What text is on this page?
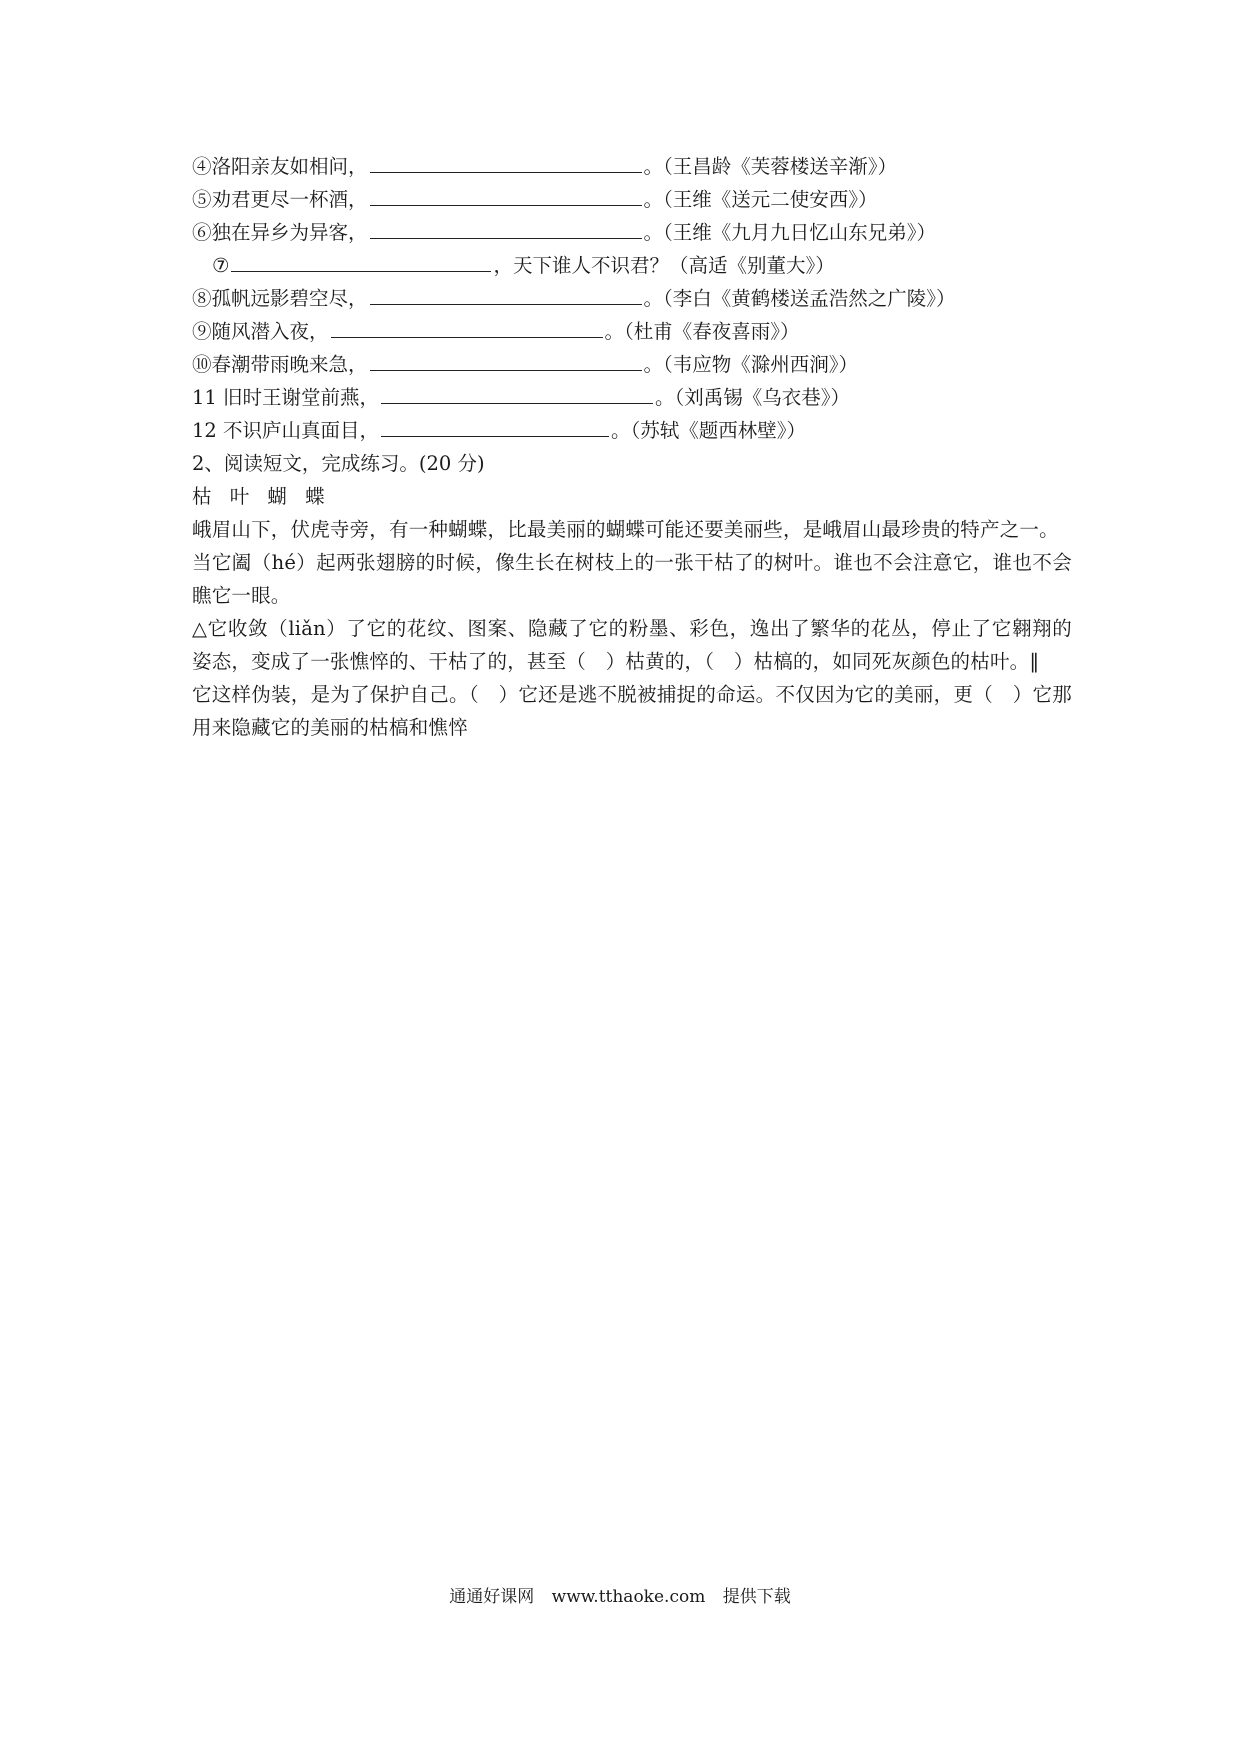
④洛阳亲友如相问，	。（王昌龄《芙蓉楼送辛渐》）
⑤劝君更尽一杯酒，	。（王维《送元二使安西》）
⑥独在异乡为异客，	。（王维《九月九日忆山东兄弟》）
⑦	，天下谁人不识君？（高适《别董大》）
⑧孤帆远影碧空尽，	。（李白《黄鹤楼送孟浩然之广陵》）
⑨随风潜入夜，	。（杜甫《春夜喜雨》）
⑩春潮带雨晚来急，	。（韦应物《滁州西涧》）
11 旧时王谢堂前燕，	。（刘禹锡《乌衣巷》）
12 不识庐山真面目，	。（苏轼《题西林壁》）
2、阅读短文，完成练习。(20 分)
枯 叶 蝴 蝶
峨眉山下，伏虎寺旁，有一种蝴蝶，比最美丽的蝴蝶可能还要美丽些，是峨眉山最珍贵的特产之一。
当它阖（hé）起两张翅膀的时候，像生长在树枝上的一张干枯了的树叶。谁也不会注意它，谁也不会瞧它一眼。
△它收敛（liǎn）了它的花纹、图案、隐藏了它的粉墨、彩色，逸出了繁华的花丛，停止了它翱翔的姿态，变成了一张憔悴的、干枯了的，甚至（　）枯黄的，（　）枯槁的，如同死灰颜色的枯叶。‖
它这样伪装，是为了保护自己。（　）它还是逃不脱被捕捉的命运。不仅因为它的美丽，更（　）它那用来隐藏它的美丽的枯槁和憔悴
通通好课网 www.tthaoke.com 提供下载
